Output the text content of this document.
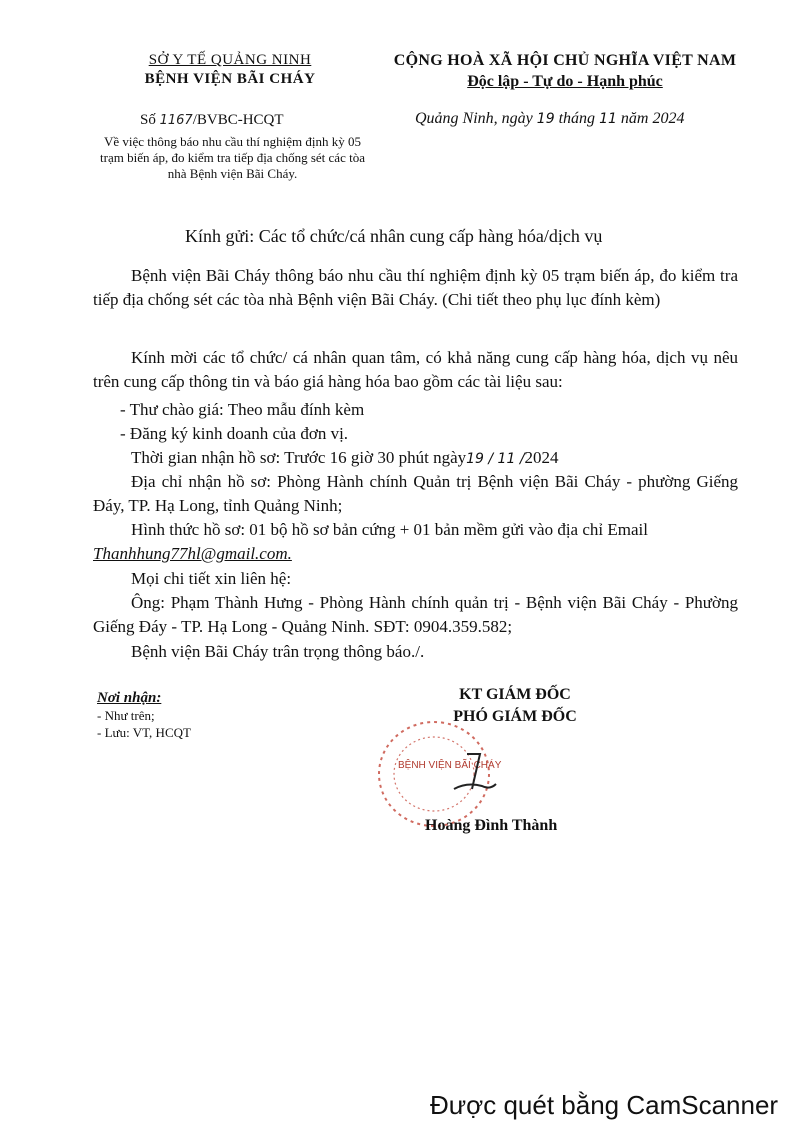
SỞ Y TẾ QUẢNG NINH
BỆNH VIỆN BÃI CHÁY
CỘNG HOÀ XÃ HỘI CHỦ NGHĨA VIỆT NAM
Độc lập - Tự do - Hạnh phúc
Số 1167/BVBC-HCQT
Về việc thông báo nhu cầu thí nghiệm định kỳ 05 trạm biến áp, đo kiểm tra tiếp địa chống sét các tòa nhà Bệnh viện Bãi Cháy.
Quảng Ninh, ngày 19 tháng 11 năm 2024
Kính gửi: Các tổ chức/cá nhân cung cấp hàng hóa/dịch vụ

Bệnh viện Bãi Cháy thông báo nhu cầu thí nghiệm định kỳ 05 trạm biến áp, đo kiểm tra tiếp địa chống sét các tòa nhà Bệnh viện Bãi Cháy. (Chi tiết theo phụ lục đính kèm)

Kính mời các tổ chức/ cá nhân quan tâm, có khả năng cung cấp hàng hóa, dịch vụ nêu trên cung cấp thông tin và báo giá hàng hóa bao gồm các tài liệu sau:

- Thư chào giá: Theo mẫu đính kèm
- Đăng ký kinh doanh của đơn vị.
Thời gian nhận hồ sơ: Trước 16 giờ 30 phút ngày19 / 11 /2024

Địa chỉ nhận hồ sơ: Phòng Hành chính Quản trị Bệnh viện Bãi Cháy - phường Giếng Đáy, TP. Hạ Long, tỉnh Quảng Ninh;

Hình thức hồ sơ: 01 bộ hồ sơ bản cứng + 01 bản mềm gửi vào địa chỉ Email

Thanhhung77hl@gmail.com.

Mọi chi tiết xin liên hệ:

Ông: Phạm Thành Hưng - Phòng Hành chính quản trị - Bệnh viện Bãi Cháy - Phường Giếng Đáy - TP. Hạ Long - Quảng Ninh. SĐT: 0904.359.582;

Bệnh viện Bãi Cháy trân trọng thông báo./.
Nơi nhận:
- Như trên;
- Lưu: VT, HCQT
BỆNH VIỆN BÃI CHÁY
KT GIÁM ĐỐC
PHÓ GIÁM ĐỐC
Hoàng Đình Thành
Được quét bằng CamScanner
